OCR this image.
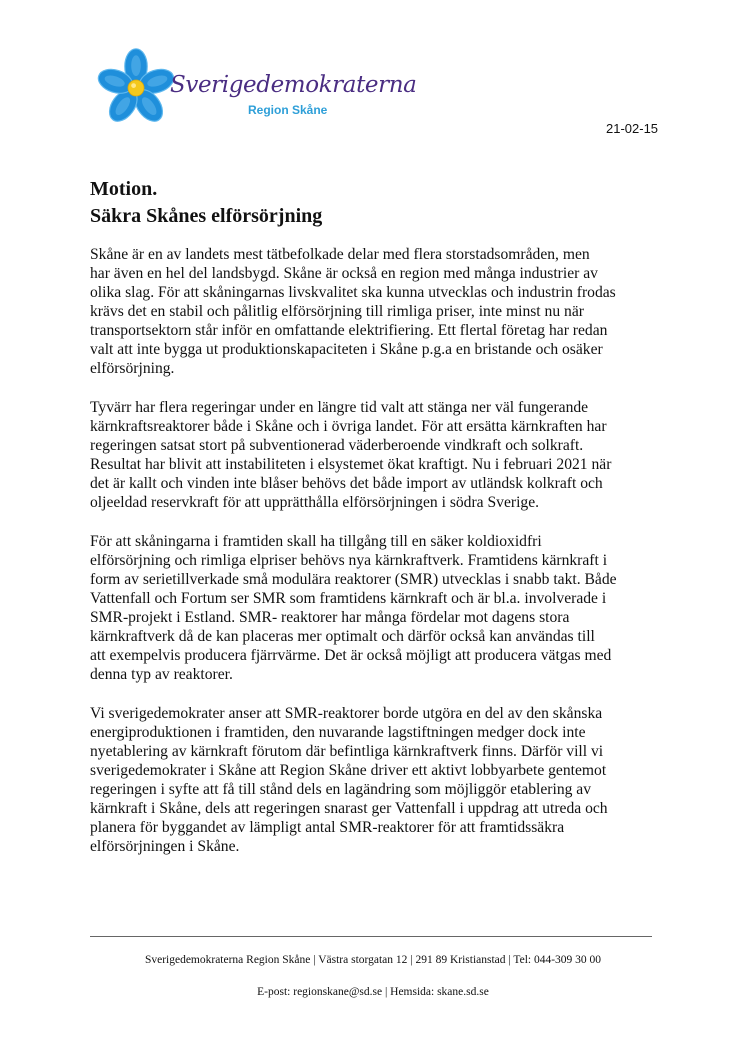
Sverigedemokraterna
Region Skåne
21-02-15
Motion.
Säkra Skånes elförsörjning

Skåne är en av landets mest tätbefolkade delar med flera storstadsområden, men
har även en hel del landsbygd. Skåne är också en region med många industrier av
olika slag. För att skåningarnas livskvalitet ska kunna utvecklas och industrin frodas
krävs det en stabil och pålitlig elförsörjning till rimliga priser, inte minst nu när
transportsektorn står inför en omfattande elektrifiering. Ett flertal företag har redan
valt att inte bygga ut produktionskapaciteten i Skåne p.g.a en bristande och osäker
elförsörjning.

Tyvärr har flera regeringar under en längre tid valt att stänga ner väl fungerande
kärnkraftsreaktorer både i Skåne och i övriga landet. För att ersätta kärnkraften har
regeringen satsat stort på subventionerad väderberoende vindkraft och solkraft.
Resultat har blivit att instabiliteten i elsystemet ökat kraftigt. Nu i februari 2021 när
det är kallt och vinden inte blåser behövs det både import av utländsk kolkraft och
oljeeldad reservkraft för att upprätthålla elförsörjningen i södra Sverige.

För att skåningarna i framtiden skall ha tillgång till en säker koldioxidfri
elförsörjning och rimliga elpriser behövs nya kärnkraftverk. Framtidens kärnkraft i
form av serietillverkade små modulära reaktorer (SMR) utvecklas i snabb takt. Både
Vattenfall och Fortum ser SMR som framtidens kärnkraft och är bl.a. involverade i
SMR-projekt i Estland. SMR- reaktorer har många fördelar mot dagens stora
kärnkraftverk då de kan placeras mer optimalt och därför också kan användas till
att exempelvis producera fjärrvärme. Det är också möjligt att producera vätgas med
denna typ av reaktorer.

Vi sverigedemokrater anser att SMR-reaktorer borde utgöra en del av den skånska
energiproduktionen i framtiden, den nuvarande lagstiftningen medger dock inte
nyetablering av kärnkraft förutom där befintliga kärnkraftverk finns. Därför vill vi
sverigedemokrater i Skåne att Region Skåne driver ett aktivt lobbyarbete gentemot
regeringen i syfte att få till stånd dels en lagändring som möjliggör etablering av
kärnkraft i Skåne, dels att regeringen snarast ger Vattenfall i uppdrag att utreda och
planera för byggandet av lämpligt antal SMR-reaktorer för att framtidssäkra
elförsörjningen i Skåne.

Sverigedemokraterna Region Skåne | Västra storgatan 12 | 291 89 Kristianstad | Tel: 044-309 30 00
E-post: regionskane@sd.se | Hemsida: skane.sd.se
